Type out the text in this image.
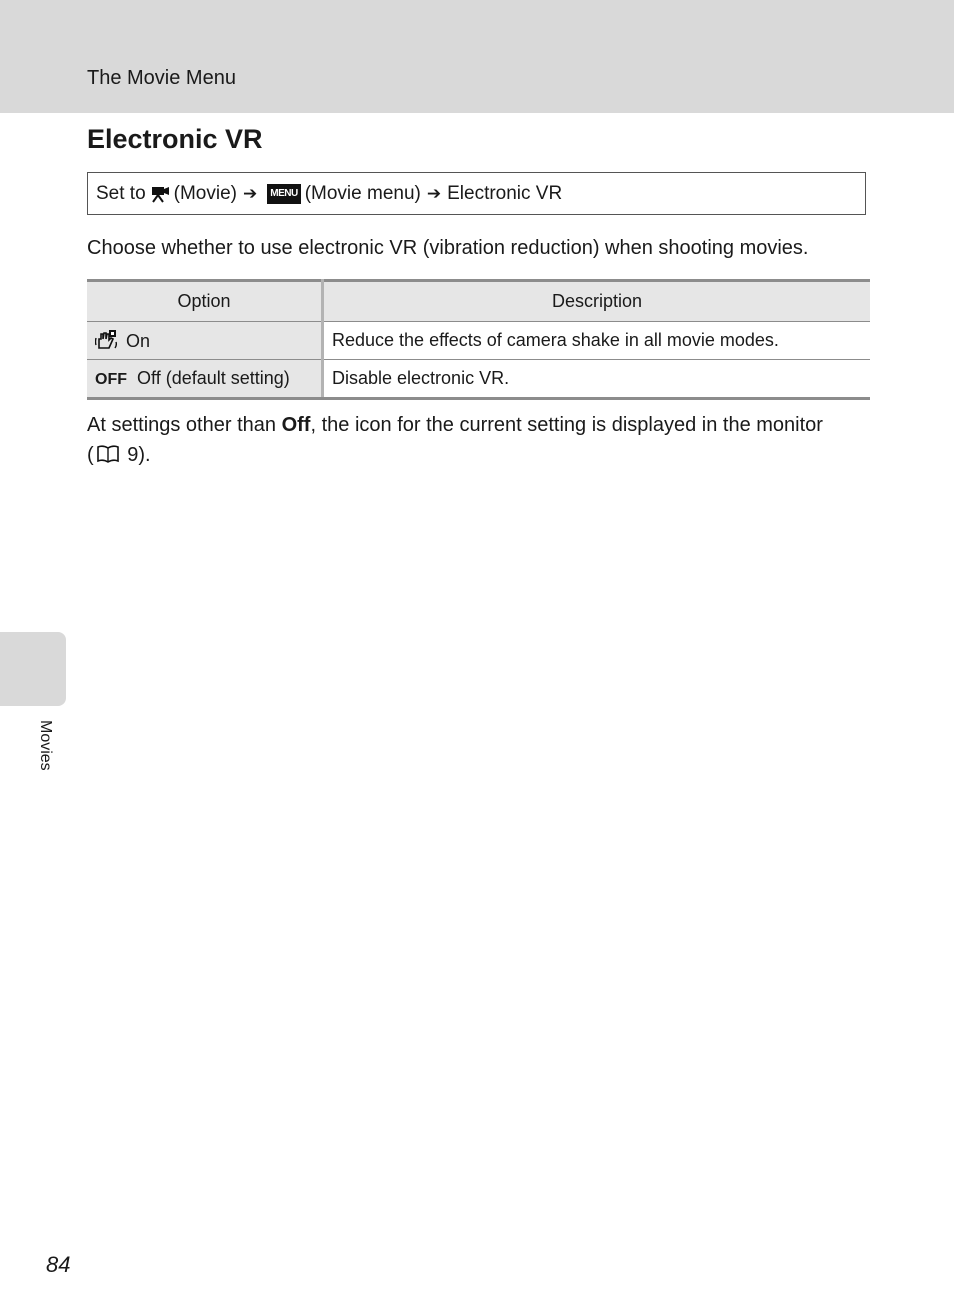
The Movie Menu
Electronic VR
Set to (Movie) ➔	MENU (Movie menu) ➔ Electronic VR

Choose whether to use electronic VR (vibration reduction) when shooting movies.

Option	Description
On	Reduce the effects of camera shake in all movie modes.
OFF Off (default setting)	Disable electronic VR.

At settings other than Off, the icon for the current setting is displayed in the monitor ( 9).

Movies
84
